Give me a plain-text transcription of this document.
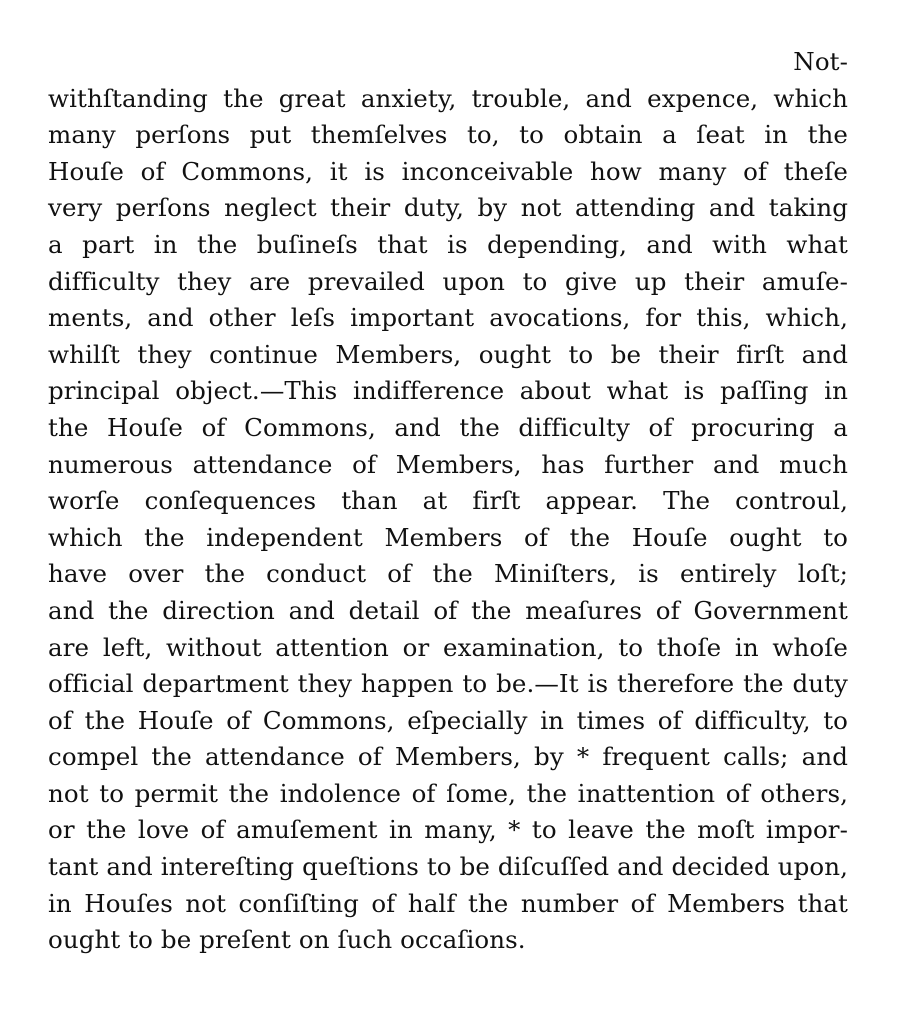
Not-
withſtanding the great anxiety, trouble, and expence, which
many perſons put themſelves to, to obtain a ſeat in the
Houſe of Commons, it is inconceivable how many of theſe
very perſons neglect their duty, by not attending and taking
a part in the buſineſs that is depending, and with what
difficulty they are prevailed upon to give up their amuſe-
ments, and other leſs important avocations, for this, which,
whilſt they continue Members, ought to be their firſt and
principal object.—This indifference about what is paſſing in
the Houſe of Commons, and the difficulty of procuring a
numerous attendance of Members, has further and much
worſe conſequences than at firſt appear. The controul,
which the independent Members of the Houſe ought to
have over the conduct of the Miniſters, is entirely loſt;
and the direction and detail of the meaſures of Government
are left, without attention or examination, to thoſe in whoſe
official department they happen to be.—It is therefore the duty
of the Houſe of Commons, eſpecially in times of difficulty, to
compel the attendance of Members, by * frequent calls; and
not to permit the indolence of ſome, the inattention of others,
or the love of amuſement in many, * to leave the moſt impor-
tant and intereſting queſtions to be diſcuſſed and decided upon,
in Houſes not conſiſting of half the number of Members that
ought to be preſent on ſuch occaſions.
